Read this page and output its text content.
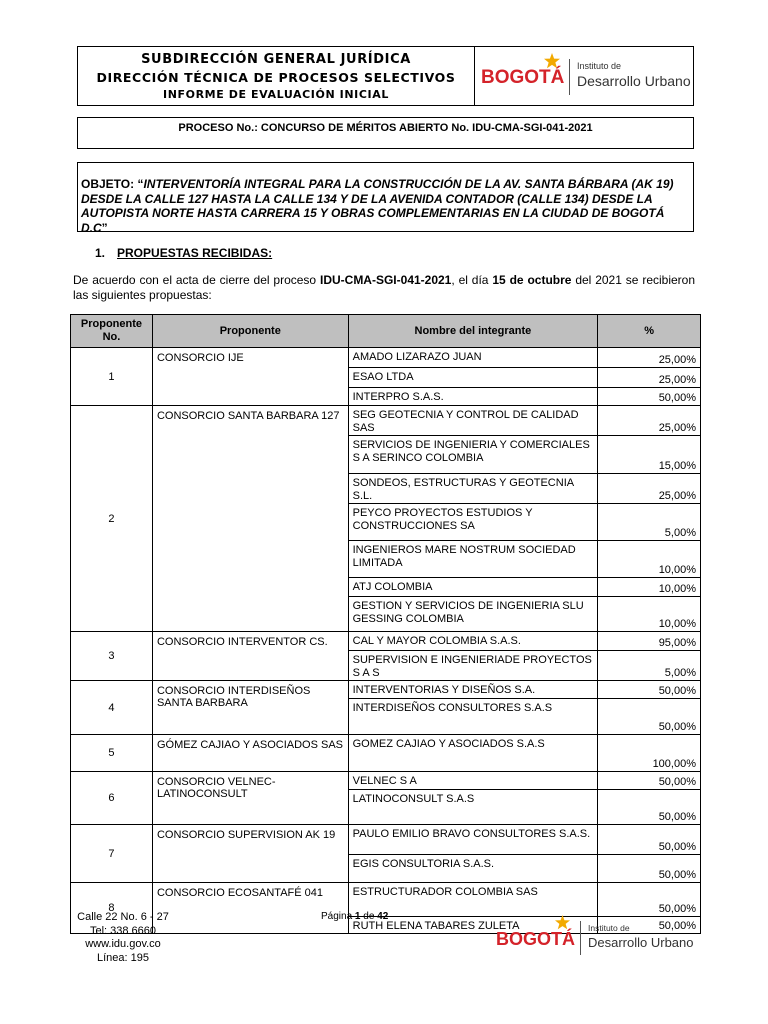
SUBDIRECCIÓN GENERAL JURÍDICA
DIRECCIÓN TÉCNICA DE PROCESOS SELECTIVOS
INFORME DE EVALUACIÓN INICIAL
BOGOTÁ
Instituto de
Desarrollo Urbano
PROCESO No.: CONCURSO DE MÉRITOS ABIERTO No. IDU-CMA-SGI-041-2021
OBJETO: “INTERVENTORÍA INTEGRAL PARA LA CONSTRUCCIÓN DE LA AV. SANTA BÁRBARA (AK 19) DESDE LA CALLE 127 HASTA LA CALLE 134 Y DE LA AVENIDA CONTADOR (CALLE 134) DESDE LA AUTOPISTA NORTE HASTA CARRERA 15 Y OBRAS COMPLEMENTARIAS EN LA CIUDAD DE BOGOTÁ D.C”
1. PROPUESTAS RECIBIDAS:
De acuerdo con el acta de cierre del proceso IDU-CMA-SGI-041-2021, el día 15 de octubre del 2021 se recibieron las siguientes propuestas:
Proponente No.	Proponente	Nombre del integrante	%
1	CONSORCIO IJE	AMADO LIZARAZO JUAN	25,00%
		ESAO LTDA	25,00%
		INTERPRO S.A.S.	50,00%
2	CONSORCIO SANTA BARBARA 127	SEG GEOTECNIA Y CONTROL DE CALIDAD SAS	25,00%
		SERVICIOS DE INGENIERIA Y COMERCIALES S A SERINCO COLOMBIA	15,00%
		SONDEOS, ESTRUCTURAS Y GEOTECNIA S.L.	25,00%
		PEYCO PROYECTOS ESTUDIOS Y CONSTRUCCIONES SA	5,00%
		INGENIEROS MARE NOSTRUM SOCIEDAD LIMITADA	10,00%
		ATJ COLOMBIA	10,00%
		GESTION Y SERVICIOS DE INGENIERIA SLU GESSING COLOMBIA	10,00%
3	CONSORCIO INTERVENTOR CS.	CAL Y MAYOR COLOMBIA S.A.S.	95,00%
		SUPERVISION E INGENIERIADE PROYECTOS S A S	5,00%
4	CONSORCIO INTERDISEÑOS SANTA BARBARA	INTERVENTORIAS Y DISEÑOS S.A.	50,00%
		INTERDISEÑOS CONSULTORES S.A.S	50,00%
5	GÓMEZ CAJIAO Y ASOCIADOS SAS	GOMEZ CAJIAO Y ASOCIADOS S.A.S	100,00%
6	CONSORCIO VELNEC-LATINOCONSULT	VELNEC S A	50,00%
		LATINOCONSULT S.A.S	50,00%
7	CONSORCIO SUPERVISION AK 19	PAULO EMILIO BRAVO CONSULTORES S.A.S.	50,00%
		EGIS CONSULTORIA S.A.S.	50,00%
8	CONSORCIO ECOSANTAFÉ 041	ESTRUCTURADOR COLOMBIA SAS	50,00%
		RUTH ELENA TABARES ZULETA	50,00%
Calle 22 No. 6 - 27
Tel: 338 6660
www.idu.gov.co
Línea: 195
Página 1 de 42
BOGOTÁ
Instituto de
Desarrollo Urbano
